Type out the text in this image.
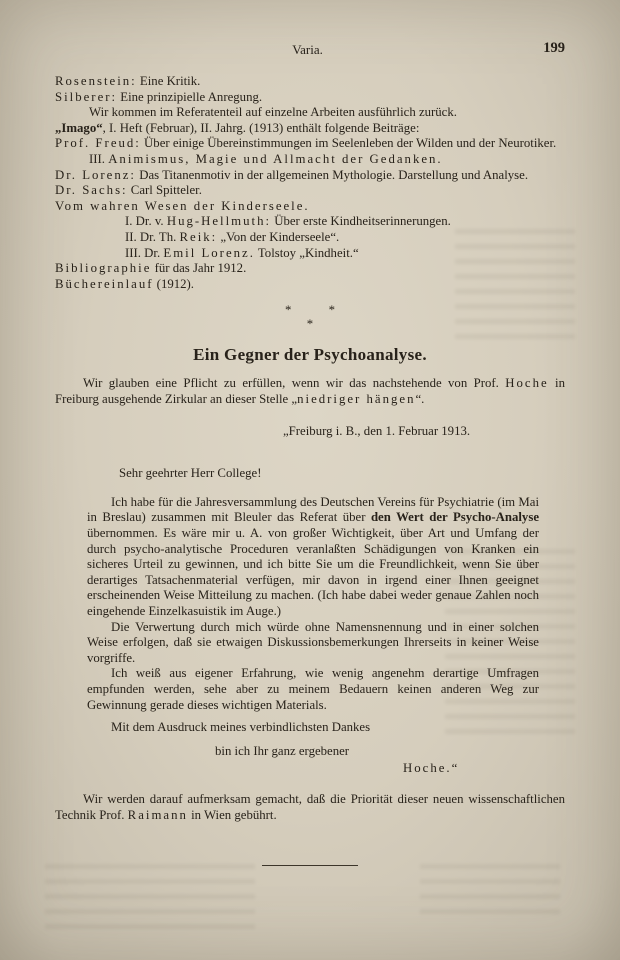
Varia.	199

Rosenstein: Eine Kritik.

Silberer: Eine prinzipielle Anregung.

Wir kommen im Referatenteil auf einzelne Arbeiten ausführlich zurück.

„Imago“, I. Heft (Februar), II. Jahrg. (1913) enthält folgende Beiträge:

Prof. Freud: Über einige Übereinstimmungen im Seelenleben der Wilden und der Neurotiker. III. Animismus, Magie und Allmacht der Gedanken.

Dr. Lorenz: Das Titanenmotiv in der allgemeinen Mythologie. Darstellung und Analyse.

Dr. Sachs: Carl Spitteler.

Vom wahren Wesen der Kinderseele.

I. Dr. v. Hug-Hellmuth: Über erste Kindheitserinnerungen.

II. Dr. Th. Reik: „Von der Kinderseele“.

III. Dr. Emil Lorenz. Tolstoy „Kindheit.“

Bibliographie für das Jahr 1912.

Büchereinlauf (1912).

* *
*
Ein Gegner der Psychoanalyse.

Wir glauben eine Pflicht zu erfüllen, wenn wir das nachstehende von Prof. Hoche in Freiburg ausgehende Zirkular an dieser Stelle „niedriger hängen“.

„Freiburg i. B., den 1. Februar 1913.

Sehr geehrter Herr College!

Ich habe für die Jahresversammlung des Deutschen Vereins für Psychiatrie (im Mai in Breslau) zusammen mit Bleuler das Referat über den Wert der Psycho-Analyse übernommen. Es wäre mir u. A. von großer Wichtigkeit, über Art und Umfang der durch psycho-analytische Proceduren veranlaßten Schädigungen von Kranken ein sicheres Urteil zu gewinnen, und ich bitte Sie um die Freundlichkeit, wenn Sie über derartiges Tatsachenmaterial verfügen, mir davon in irgend einer Ihnen geeignet erscheinenden Weise Mitteilung zu machen. (Ich habe dabei weder genaue Zahlen noch eingehende Einzelkasuistik im Auge.)

Die Verwertung durch mich würde ohne Namensnennung und in einer solchen Weise erfolgen, daß sie etwaigen Diskussionsbemerkungen Ihrerseits in keiner Weise vorgriffe.

Ich weiß aus eigener Erfahrung, wie wenig angenehm derartige Umfragen empfunden werden, sehe aber zu meinem Bedauern keinen anderen Weg zur Gewinnung gerade dieses wichtigen Materials.

Mit dem Ausdruck meines verbindlichsten Dankes

bin ich Ihr ganz ergebener

Hoche.“

Wir werden darauf aufmerksam gemacht, daß die Priorität dieser neuen wissenschaftlichen Technik Prof. Raimann in Wien gebührt.
